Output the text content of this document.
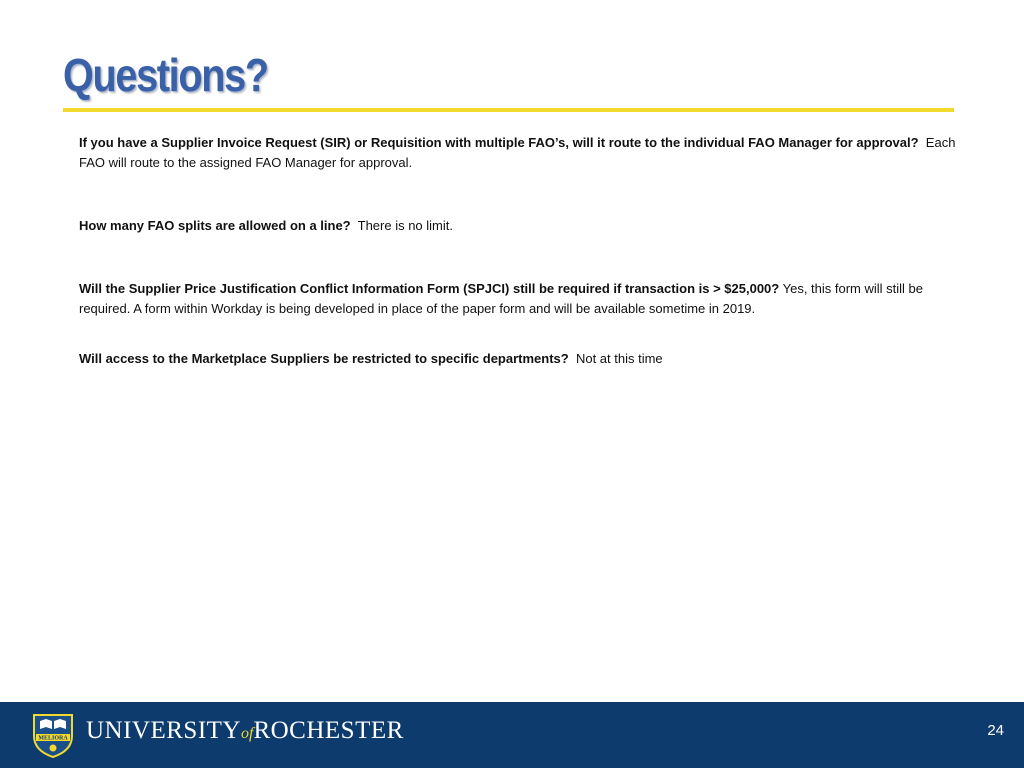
Questions?

If you have a Supplier Invoice Request (SIR) or Requisition with multiple FAO’s, will it route to the individual FAO Manager for approval? Each FAO will route to the assigned FAO Manager for approval.

How many FAO splits are allowed on a line? There is no limit.

Will the Supplier Price Justification Conflict Information Form (SPJCI) still be required if transaction is > $25,000? Yes, this form will still be required. A form within Workday is being developed in place of the paper form and will be available sometime in 2019.

Will access to the Marketplace Suppliers be restricted to specific departments? Not at this time

MELIORA UNIVERSITYofROCHESTER	24
